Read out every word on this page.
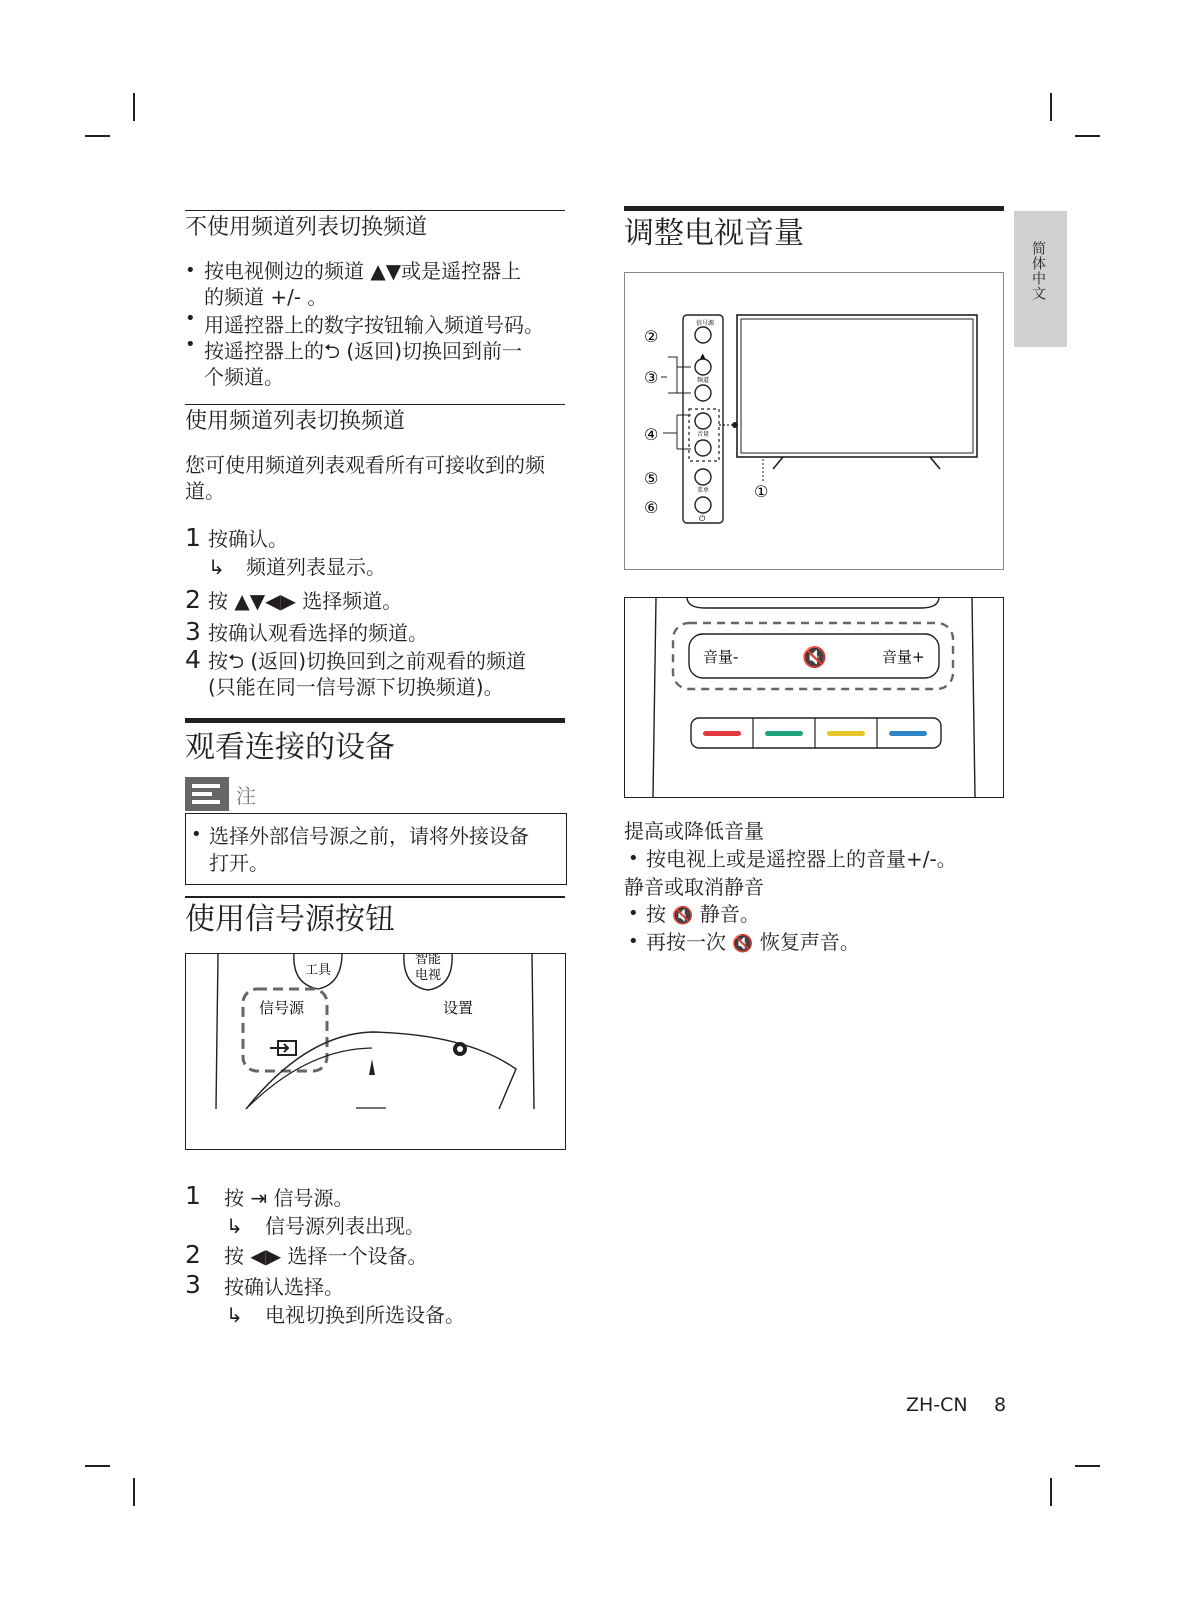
简体中文
不使用频道列表切换频道
• 按电视侧边的频道 ▲▼或是遥控器上
的频道 +/- 。
• 用遥控器上的数字按钮输入频道号码。
• 按遥控器上的⮌ (返回)切换回到前一
个频道。
使用频道列表切换频道
您可使用频道列表观看所有可接收到的频
道。
1 按确认。
↳ 频道列表显示。
2 按 ▲▼◀▶ 选择频道。
3 按确认观看选择的频道。
4 按⮌ (返回)切换回到之前观看的频道
(只能在同一信号源下切换频道)。
观看连接的设备
注
• 选择外部信号源之前，请将外接设备
打开。
使用信号源按钮
工具
智能
电视
信号源	设置
1 按 ⇥ 信号源。
↳ 信号源列表出现。
2 按 ◀▶ 选择一个设备。
3 按确认选择。
↳ 电视切换到所选设备。
调整电视音量
信号源
▲
频道
音量
菜单
⏻
②
③
④
⑤
⑥
①
音量-	🔇	音量+
提高或降低音量
• 按电视上或是遥控器上的音量+/-。
静音或取消静音
• 按 🔇 静音。
• 再按一次 🔇 恢复声音。
ZH-CN 8
